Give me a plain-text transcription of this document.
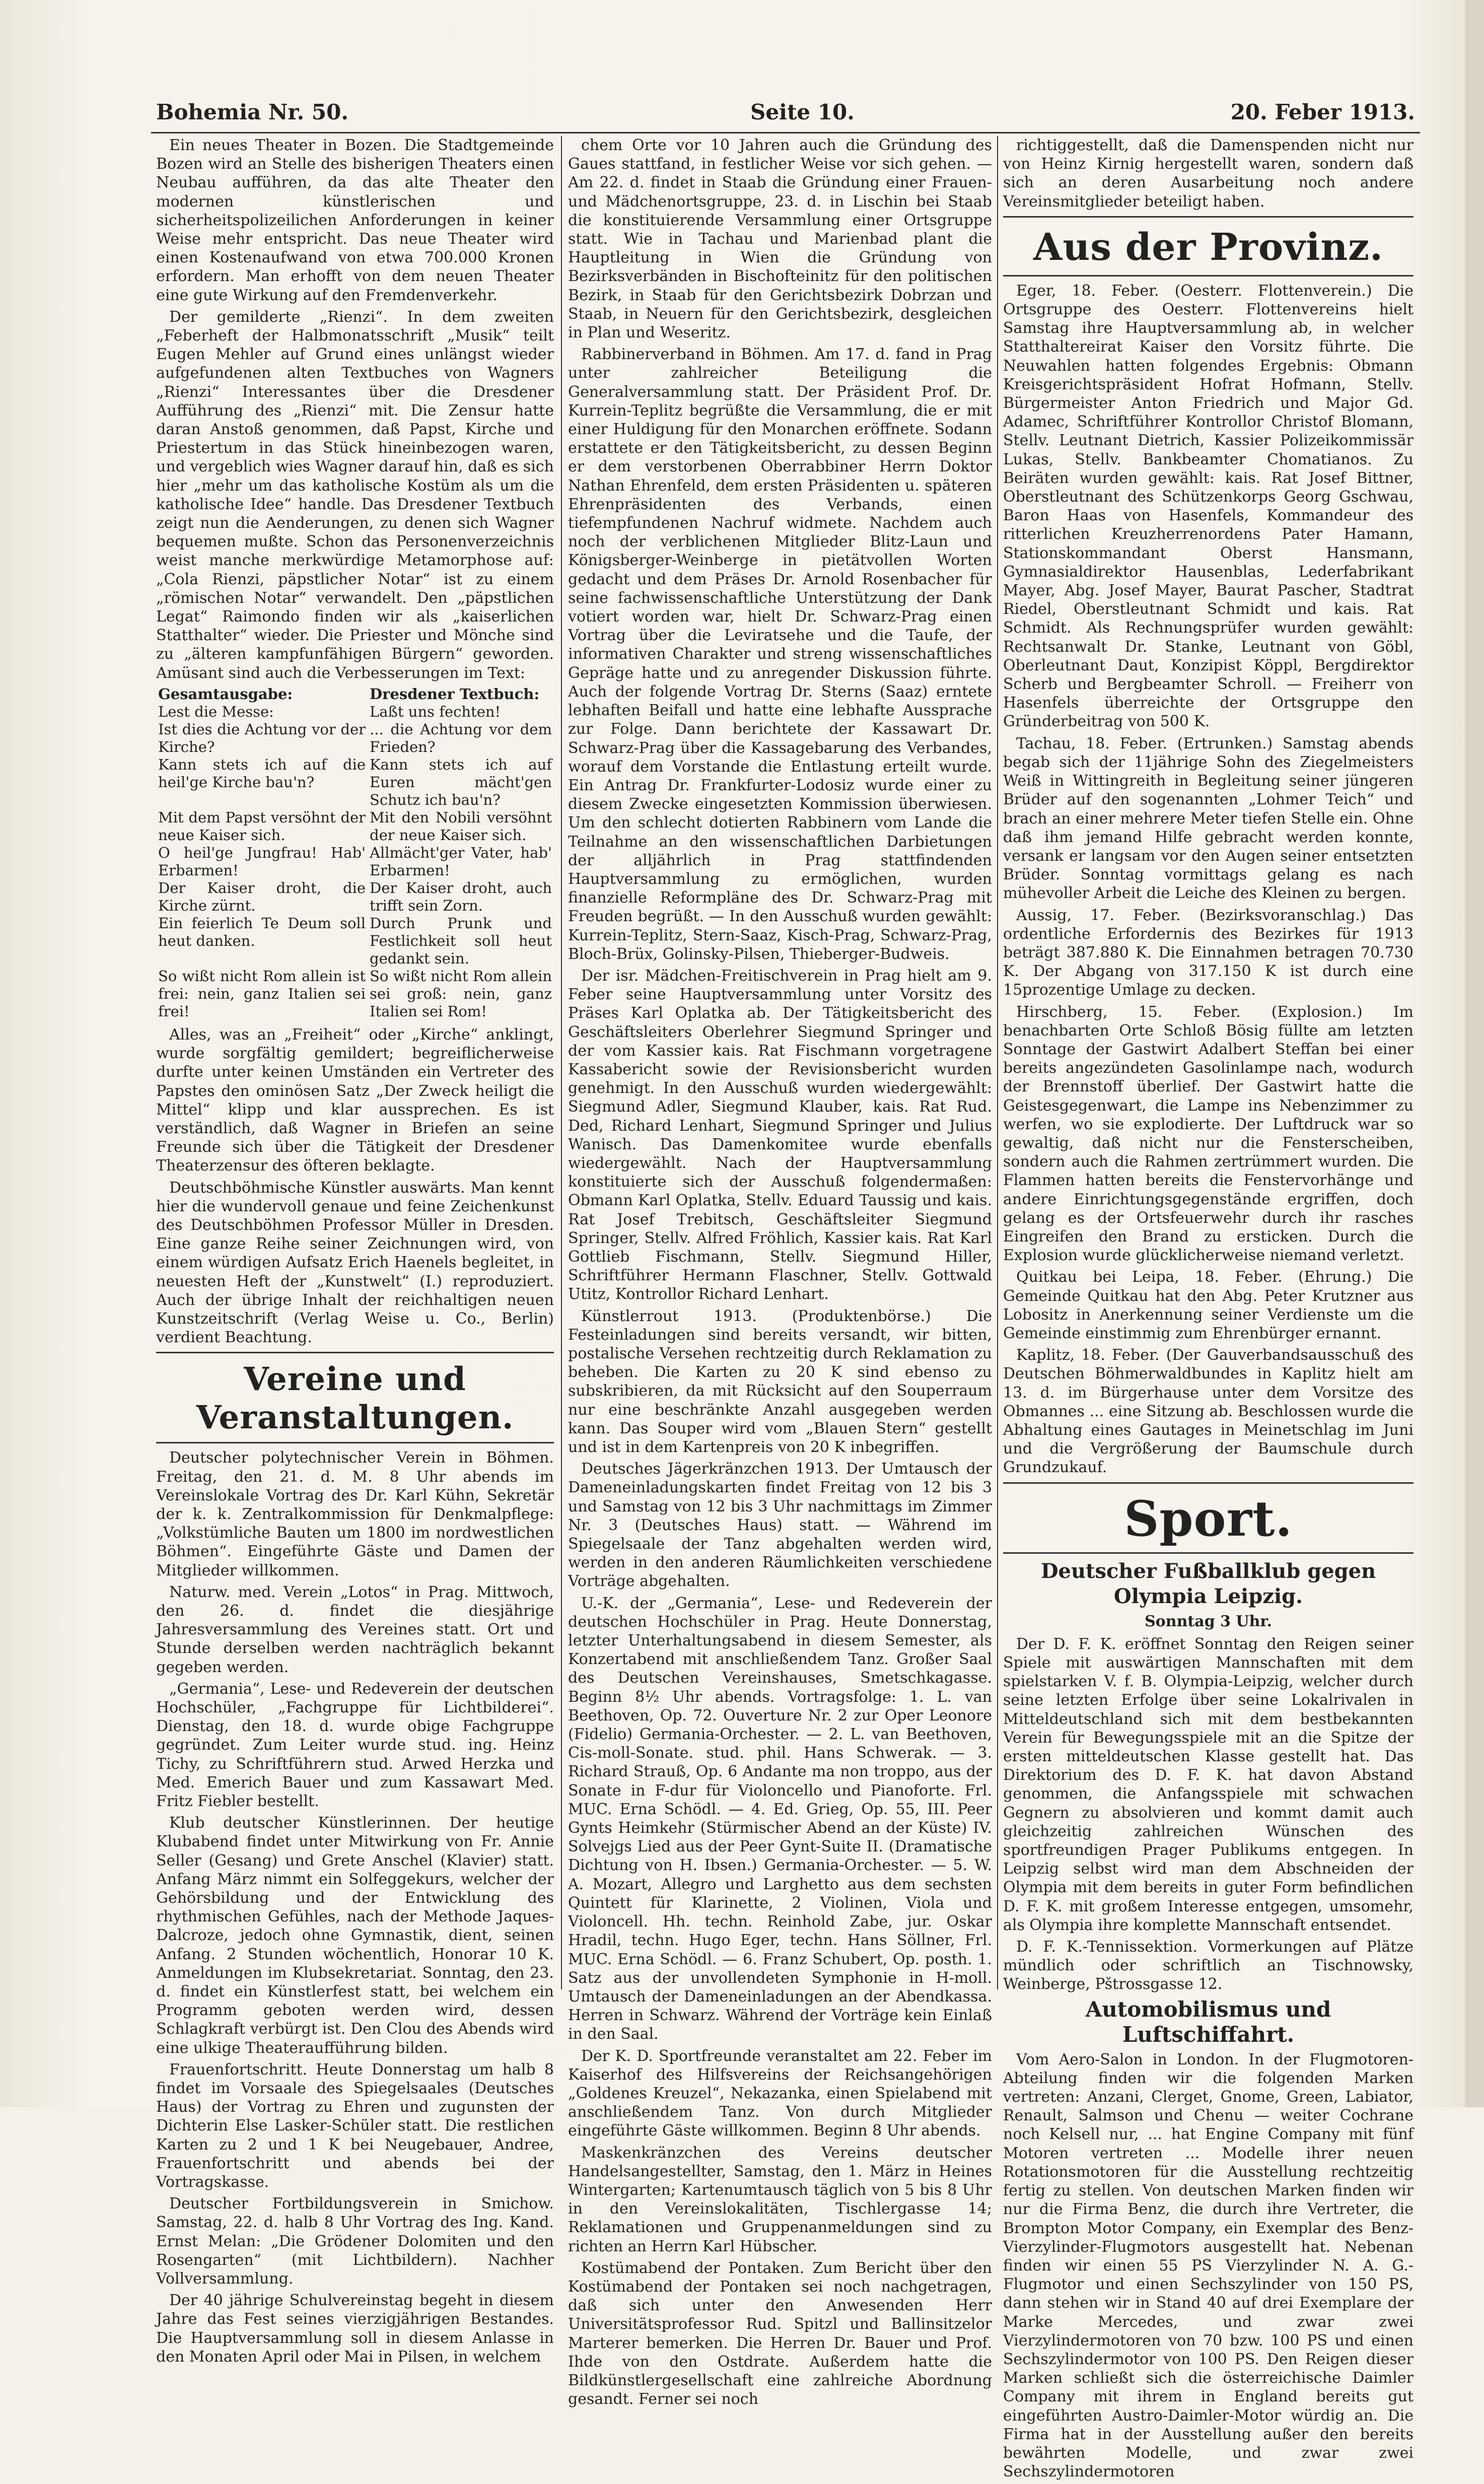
Bohemia Nr. 50.	Seite 10.	20. Feber 1913.

Ein neues Theater in Bozen. Die Stadtgemeinde Bozen wird an Stelle des bisherigen Theaters einen Neubau aufführen, da das alte Theater den modernen künstlerischen und sicherheitspolizeilichen Anforderungen in keiner Weise mehr entspricht. Das neue Theater wird einen Kostenaufwand von etwa 700.000 Kronen erfordern. Man erhofft von dem neuen Theater eine gute Wirkung auf den Fremdenverkehr.

Der gemilderte „Rienzi“. In dem zweiten „Feberheft der Halbmonatsschrift „Musik“ teilt Eugen Mehler auf Grund eines unlängst wieder aufgefundenen alten Textbuches von Wagners „Rienzi“ Interessantes über die Dresdener Aufführung des „Rienzi“ mit. Die Zensur hatte daran Anstoß genommen, daß Papst, Kirche und Priestertum in das Stück hineinbezogen waren, und vergeblich wies Wagner darauf hin, daß es sich hier „mehr um das katholische Kostüm als um die katholische Idee“ handle. Das Dresdener Textbuch zeigt nun die Aenderungen, zu denen sich Wagner bequemen mußte. Schon das Personenverzeichnis weist manche merkwürdige Metamorphose auf: „Cola Rienzi, päpstlicher Notar“ ist zu einem „römischen Notar“ verwandelt. Den „päpstlichen Legat“ Raimondo finden wir als „kaiserlichen Statthalter“ wieder. Die Priester und Mönche sind zu „älteren kampfunfähigen Bürgern“ geworden. Amüsant sind auch die Verbesserungen im Text:

Gesamtausgabe:	Dresdener Textbuch:
Lest die Messe:	Laßt uns fechten!
Ist dies die Achtung vor der Kirche?	... die Achtung vor dem Frieden?
Kann stets ich auf die heil'ge Kirche bau'n?	Kann stets ich auf Euren mächt'gen Schutz ich bau'n?
Mit dem Papst versöhnt der neue Kaiser sich.	Mit den Nobili versöhnt der neue Kaiser sich.
O heil'ge Jungfrau! Hab' Erbarmen!	Allmächt'ger Vater, hab' Erbarmen!
Der Kaiser droht, die Kirche zürnt.	Der Kaiser droht, auch trifft sein Zorn.
Ein feierlich Te Deum soll heut danken.	Durch Prunk und Festlichkeit soll heut gedankt sein.
So wißt nicht Rom allein ist frei: nein, ganz Italien sei frei!	So wißt nicht Rom allein sei groß: nein, ganz Italien sei Rom!

Alles, was an „Freiheit“ oder „Kirche“ anklingt, wurde sorgfältig gemildert; begreiflicherweise durfte unter keinen Umständen ein Vertreter des Papstes den ominösen Satz „Der Zweck heiligt die Mittel“ klipp und klar aussprechen. Es ist verständlich, daß Wagner in Briefen an seine Freunde sich über die Tätigkeit der Dresdener Theaterzensur des öfteren beklagte.

Deutschböhmische Künstler auswärts. Man kennt hier die wundervoll genaue und feine Zeichenkunst des Deutschböhmen Professor Müller in Dresden. Eine ganze Reihe seiner Zeichnungen wird, von einem würdigen Aufsatz Erich Haenels begleitet, in neuesten Heft der „Kunstwelt“ (I.) reproduziert. Auch der übrige Inhalt der reichhaltigen neuen Kunstzeitschrift (Verlag Weise u. Co., Berlin) verdient Beachtung.

Vereine und Veranstaltungen.

Deutscher polytechnischer Verein in Böhmen. Freitag, den 21. d. M. 8 Uhr abends im Vereinslokale Vortrag des Dr. Karl Kühn, Sekretär der k. k. Zentralkommission für Denkmalpflege: „Volkstümliche Bauten um 1800 im nordwestlichen Böhmen“. Eingeführte Gäste und Damen der Mitglieder willkommen.

Naturw. med. Verein „Lotos“ in Prag. Mittwoch, den 26. d. findet die diesjährige Jahresversammlung des Vereines statt. Ort und Stunde derselben werden nachträglich bekannt gegeben werden.

„Germania“, Lese- und Redeverein der deutschen Hochschüler, „Fachgruppe für Lichtbilderei“. Dienstag, den 18. d. wurde obige Fachgruppe gegründet. Zum Leiter wurde stud. ing. Heinz Tichy, zu Schriftführern stud. Arwed Herzka und Med. Emerich Bauer und zum Kassawart Med. Fritz Fiebler bestellt.

Klub deutscher Künstlerinnen. Der heutige Klubabend findet unter Mitwirkung von Fr. Annie Seller (Gesang) und Grete Anschel (Klavier) statt. Anfang März nimmt ein Solfeggekurs, welcher der Gehörsbildung und der Entwicklung des rhythmischen Gefühles, nach der Methode Jaques-Dalcroze, jedoch ohne Gymnastik, dient, seinen Anfang. 2 Stunden wöchentlich, Honorar 10 K. Anmeldungen im Klubsekretariat. Sonntag, den 23. d. findet ein Künstlerfest statt, bei welchem ein Programm geboten werden wird, dessen Schlagkraft verbürgt ist. Den Clou des Abends wird eine ulkige Theateraufführung bilden.

Frauenfortschritt. Heute Donnerstag um halb 8 findet im Vorsaale des Spiegelsaales (Deutsches Haus) der Vortrag zu Ehren und zugunsten der Dichterin Else Lasker-Schüler statt. Die restlichen Karten zu 2 und 1 K bei Neugebauer, Andree, Frauenfortschritt und abends bei der Vortragskasse.

Deutscher Fortbildungsverein in Smichow. Samstag, 22. d. halb 8 Uhr Vortrag des Ing. Kand. Ernst Melan: „Die Grödener Dolomiten und den Rosengarten“ (mit Lichtbildern). Nachher Vollversammlung.

Der 40 jährige Schulvereinstag begeht in diesem Jahre das Fest seines vierzigjährigen Bestandes. Die Hauptversammlung soll in diesem Anlasse in den Monaten April oder Mai in Pilsen, in welchem

chem Orte vor 10 Jahren auch die Gründung des Gaues stattfand, in festlicher Weise vor sich gehen. — Am 22. d. findet in Staab die Gründung einer Frauen- und Mädchenortsgruppe, 23. d. in Lischin bei Staab die konstituierende Versammlung einer Ortsgruppe statt. Wie in Tachau und Marienbad plant die Hauptleitung in Wien die Gründung von Bezirksverbänden in Bischofteinitz für den politischen Bezirk, in Staab für den Gerichtsbezirk Dobrzan und Staab, in Neuern für den Gerichtsbezirk, desgleichen in Plan und Weseritz.

Rabbinerverband in Böhmen. Am 17. d. fand in Prag unter zahlreicher Beteiligung die Generalversammlung statt. Der Präsident Prof. Dr. Kurrein-Teplitz begrüßte die Versammlung, die er mit einer Huldigung für den Monarchen eröffnete. Sodann erstattete er den Tätigkeitsbericht, zu dessen Beginn er dem verstorbenen Oberrabbiner Herrn Doktor Nathan Ehrenfeld, dem ersten Präsidenten u. späteren Ehrenpräsidenten des Verbands, einen tiefempfundenen Nachruf widmete. Nachdem auch noch der verblichenen Mitglieder Blitz-Laun und Königsberger-Weinberge in pietätvollen Worten gedacht und dem Präses Dr. Arnold Rosenbacher für seine fachwissenschaftliche Unterstützung der Dank votiert worden war, hielt Dr. Schwarz-Prag einen Vortrag über die Leviratsehe und die Taufe, der informativen Charakter und streng wissenschaftliches Gepräge hatte und zu anregender Diskussion führte. Auch der folgende Vortrag Dr. Sterns (Saaz) erntete lebhaften Beifall und hatte eine lebhafte Aussprache zur Folge. Dann berichtete der Kassawart Dr. Schwarz-Prag über die Kassagebarung des Verbandes, worauf dem Vorstande die Entlastung erteilt wurde. Ein Antrag Dr. Frankfurter-Lodosiz wurde einer zu diesem Zwecke eingesetzten Kommission überwiesen. Um den schlecht dotierten Rabbinern vom Lande die Teilnahme an den wissenschaftlichen Darbietungen der alljährlich in Prag stattfindenden Hauptversammlung zu ermöglichen, wurden finanzielle Reformpläne des Dr. Schwarz-Prag mit Freuden begrüßt. — In den Ausschuß wurden gewählt: Kurrein-Teplitz, Stern-Saaz, Kisch-Prag, Schwarz-Prag, Bloch-Brüx, Golinsky-Pilsen, Thieberger-Budweis.

Der isr. Mädchen-Freitischverein in Prag hielt am 9. Feber seine Hauptversammlung unter Vorsitz des Präses Karl Oplatka ab. Der Tätigkeitsbericht des Geschäftsleiters Oberlehrer Siegmund Springer und der vom Kassier kais. Rat Fischmann vorgetragene Kassabericht sowie der Revisionsbericht wurden genehmigt. In den Ausschuß wurden wiedergewählt: Siegmund Adler, Siegmund Klauber, kais. Rat Rud. Ded, Richard Lenhart, Siegmund Springer und Julius Wanisch. Das Damenkomitee wurde ebenfalls wiedergewählt. Nach der Hauptversammlung konstituierte sich der Ausschuß folgendermaßen: Obmann Karl Oplatka, Stellv. Eduard Taussig und kais. Rat Josef Trebitsch, Geschäftsleiter Siegmund Springer, Stellv. Alfred Fröhlich, Kassier kais. Rat Karl Gottlieb Fischmann, Stellv. Siegmund Hiller, Schriftführer Hermann Flaschner, Stellv. Gottwald Utitz, Kontrollor Richard Lenhart.

Künstlerrout 1913. (Produktenbörse.) Die Festeinladungen sind bereits versandt, wir bitten, postalische Versehen rechtzeitig durch Reklamation zu beheben. Die Karten zu 20 K sind ebenso zu subskribieren, da mit Rücksicht auf den Souperraum nur eine beschränkte Anzahl ausgegeben werden kann. Das Souper wird vom „Blauen Stern“ gestellt und ist in dem Kartenpreis von 20 K inbegriffen.

Deutsches Jägerkränzchen 1913. Der Umtausch der Dameneinladungskarten findet Freitag von 12 bis 3 und Samstag von 12 bis 3 Uhr nachmittags im Zimmer Nr. 3 (Deutsches Haus) statt. — Während im Spiegelsaale der Tanz abgehalten werden wird, werden in den anderen Räumlichkeiten verschiedene Vorträge abgehalten.

U.-K. der „Germania“, Lese- und Redeverein der deutschen Hochschüler in Prag. Heute Donnerstag, letzter Unterhaltungsabend in diesem Semester, als Konzertabend mit anschließendem Tanz. Großer Saal des Deutschen Vereinshauses, Smetschkagasse. Beginn 8½ Uhr abends. Vortragsfolge: 1. L. van Beethoven, Op. 72. Ouverture Nr. 2 zur Oper Leonore (Fidelio) Germania-Orchester. — 2. L. van Beethoven, Cis-moll-Sonate. stud. phil. Hans Schwerak. — 3. Richard Strauß, Op. 6 Andante ma non troppo, aus der Sonate in F-dur für Violoncello und Pianoforte. Frl. MUC. Erna Schödl. — 4. Ed. Grieg, Op. 55, III. Peer Gynts Heimkehr (Stürmischer Abend an der Küste) IV. Solvejgs Lied aus der Peer Gynt-Suite II. (Dramatische Dichtung von H. Ibsen.) Germania-Orchester. — 5. W. A. Mozart, Allegro und Larghetto aus dem sechsten Quintett für Klarinette, 2 Violinen, Viola und Violoncell. Hh. techn. Reinhold Zabe, jur. Oskar Hradil, techn. Hugo Eger, techn. Hans Söllner, Frl. MUC. Erna Schödl. — 6. Franz Schubert, Op. posth. 1. Satz aus der unvollendeten Symphonie in H-moll. Umtausch der Dameneinladungen an der Abendkassa. Herren in Schwarz. Während der Vorträge kein Einlaß in den Saal.

Der K. D. Sportfreunde veranstaltet am 22. Feber im Kaiserhof des Hilfsvereins der Reichsangehörigen „Goldenes Kreuzel“, Nekazanka, einen Spielabend mit anschließendem Tanz. Von durch Mitglieder eingeführte Gäste willkommen. Beginn 8 Uhr abends.

Maskenkränzchen des Vereins deutscher Handelsangestellter, Samstag, den 1. März in Heines Wintergarten; Kartenumtausch täglich von 5 bis 8 Uhr in den Vereinslokalitäten, Tischlergasse 14; Reklamationen und Gruppenanmeldungen sind zu richten an Herrn Karl Hübscher.

Kostümabend der Pontaken. Zum Bericht über den Kostümabend der Pontaken sei noch nachgetragen, daß sich unter den Anwesenden Herr Universitätsprofessor Rud. Spitzl und Ballinsitzelor Marterer bemerken. Die Herren Dr. Bauer und Prof. Ihde von den Ostdrate. Außerdem hatte die Bildkünstlergesellschaft eine zahlreiche Abordnung gesandt. Ferner sei noch

richtiggestellt, daß die Damenspenden nicht nur von Heinz Kirnig hergestellt waren, sondern daß sich an deren Ausarbeitung noch andere Vereinsmitglieder beteiligt haben.

Aus der Provinz.

Eger, 18. Feber. (Oesterr. Flottenverein.) Die Ortsgruppe des Oesterr. Flottenvereins hielt Samstag ihre Hauptversammlung ab, in welcher Statthaltereirat Kaiser den Vorsitz führte. Die Neuwahlen hatten folgendes Ergebnis: Obmann Kreisgerichtspräsident Hofrat Hofmann, Stellv. Bürgermeister Anton Friedrich und Major Gd. Adamec, Schriftführer Kontrollor Christof Blomann, Stellv. Leutnant Dietrich, Kassier Polizeikommissär Lukas, Stellv. Bankbeamter Chomatianos. Zu Beiräten wurden gewählt: kais. Rat Josef Bittner, Oberstleutnant des Schützenkorps Georg Gschwau, Baron Haas von Hasenfels, Kommandeur des ritterlichen Kreuzherrenordens Pater Hamann, Stationskommandant Oberst Hansmann, Gymnasialdirektor Hausenblas, Lederfabrikant Mayer, Abg. Josef Mayer, Baurat Pascher, Stadtrat Riedel, Oberstleutnant Schmidt und kais. Rat Schmidt. Als Rechnungsprüfer wurden gewählt: Rechtsanwalt Dr. Stanke, Leutnant von Göbl, Oberleutnant Daut, Konzipist Köppl, Bergdirektor Scherb und Bergbeamter Schroll. — Freiherr von Hasenfels überreichte der Ortsgruppe den Gründerbeitrag von 500 K.

Tachau, 18. Feber. (Ertrunken.) Samstag abends begab sich der 11jährige Sohn des Ziegelmeisters Weiß in Wittingreith in Begleitung seiner jüngeren Brüder auf den sogenannten „Lohmer Teich“ und brach an einer mehrere Meter tiefen Stelle ein. Ohne daß ihm jemand Hilfe gebracht werden konnte, versank er langsam vor den Augen seiner entsetzten Brüder. Sonntag vormittags gelang es nach mühevoller Arbeit die Leiche des Kleinen zu bergen.

Aussig, 17. Feber. (Bezirksvoranschlag.) Das ordentliche Erfordernis des Bezirkes für 1913 beträgt 387.880 K. Die Einnahmen betragen 70.730 K. Der Abgang von 317.150 K ist durch eine 15prozentige Umlage zu decken.

Hirschberg, 15. Feber. (Explosion.) Im benachbarten Orte Schloß Bösig füllte am letzten Sonntage der Gastwirt Adalbert Steffan bei einer bereits angezündeten Gasolinlampe nach, wodurch der Brennstoff überlief. Der Gastwirt hatte die Geistesgegenwart, die Lampe ins Nebenzimmer zu werfen, wo sie explodierte. Der Luftdruck war so gewaltig, daß nicht nur die Fensterscheiben, sondern auch die Rahmen zertrümmert wurden. Die Flammen hatten bereits die Fenstervorhänge und andere Einrichtungsgegenstände ergriffen, doch gelang es der Ortsfeuerwehr durch ihr rasches Eingreifen den Brand zu ersticken. Durch die Explosion wurde glücklicherweise niemand verletzt.

Quitkau bei Leipa, 18. Feber. (Ehrung.) Die Gemeinde Quitkau hat den Abg. Peter Krutzner aus Lobositz in Anerkennung seiner Verdienste um die Gemeinde einstimmig zum Ehrenbürger ernannt.

Kaplitz, 18. Feber. (Der Gauverbandsausschuß des Deutschen Böhmerwaldbundes in Kaplitz hielt am 13. d. im Bürgerhause unter dem Vorsitze des Obmannes ... eine Sitzung ab. Beschlossen wurde die Abhaltung eines Gautages in Meinetschlag im Juni und die Vergrößerung der Baumschule durch Grundzukauf.

Sport.
Deutscher Fußballklub gegen Olympia Leipzig.
Sonntag 3 Uhr.

Der D. F. K. eröffnet Sonntag den Reigen seiner Spiele mit auswärtigen Mannschaften mit dem spielstarken V. f. B. Olympia-Leipzig, welcher durch seine letzten Erfolge über seine Lokalrivalen in Mitteldeutschland sich mit dem bestbekannten Verein für Bewegungsspiele mit an die Spitze der ersten mitteldeutschen Klasse gestellt hat. Das Direktorium des D. F. K. hat davon Abstand genommen, die Anfangsspiele mit schwachen Gegnern zu absolvieren und kommt damit auch gleichzeitig zahlreichen Wünschen des sportfreundigen Prager Publikums entgegen. In Leipzig selbst wird man dem Abschneiden der Olympia mit dem bereits in guter Form befindlichen D. F. K. mit großem Interesse entgegen, umsomehr, als Olympia ihre komplette Mannschaft entsendet.

D. F. K.-Tennissektion. Vormerkungen auf Plätze mündlich oder schriftlich an Tischnowsky, Weinberge, Pštrossgasse 12.

Automobilismus und Luftschiffahrt.

Vom Aero-Salon in London. In der Flugmotoren-Abteilung finden wir die folgenden Marken vertreten: Anzani, Clerget, Gnome, Green, Labiator, Renault, Salmson und Chenu — weiter Cochrane noch Kelsell nur, ... hat Engine Company mit fünf Motoren vertreten ... Modelle ihrer neuen Rotationsmotoren für die Ausstellung rechtzeitig fertig zu stellen. Von deutschen Marken finden wir nur die Firma Benz, die durch ihre Vertreter, die Brompton Motor Company, ein Exemplar des Benz-Vierzylinder-Flugmotors ausgestellt hat. Nebenan finden wir einen 55 PS Vierzylinder N. A. G.-Flugmotor und einen Sechszylinder von 150 PS, dann stehen wir in Stand 40 auf drei Exemplare der Marke Mercedes, und zwar zwei Vierzylindermotoren von 70 bzw. 100 PS und einen Sechszylindermotor von 100 PS. Den Reigen dieser Marken schließt sich die österreichische Daimler Company mit ihrem in England bereits gut eingeführten Austro-Daimler-Motor würdig an. Die Firma hat in der Ausstellung außer den bereits bewährten Modelle, und zwar zwei Sechszylindermotoren
